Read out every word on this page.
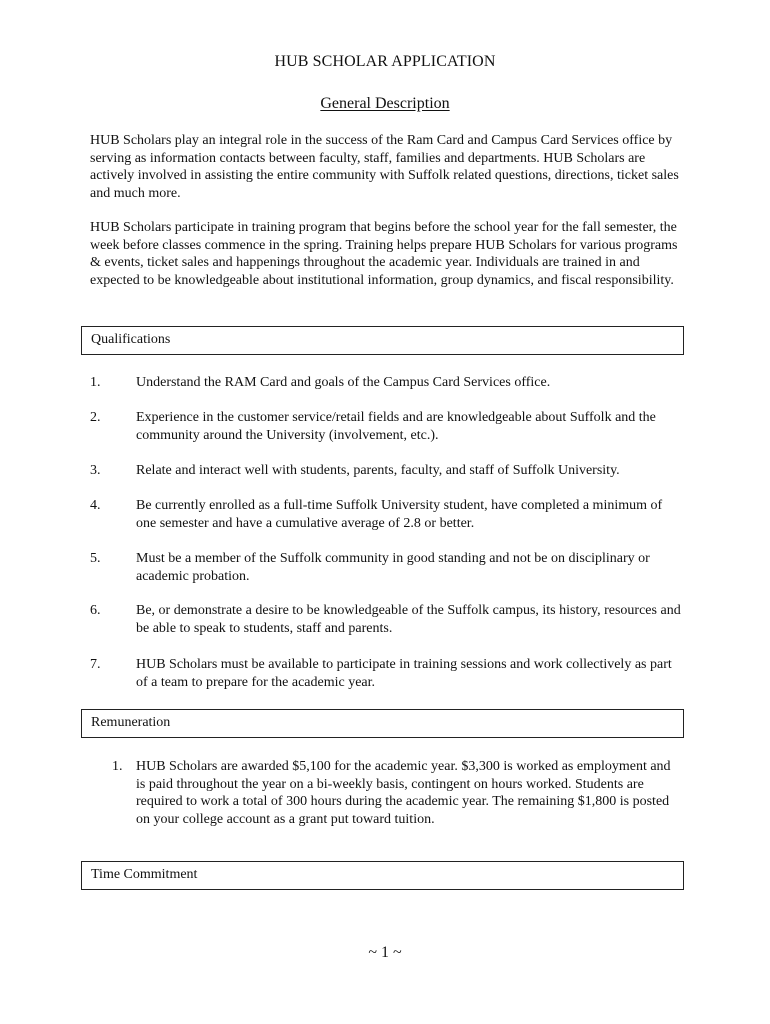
HUB SCHOLAR APPLICATION
General Description

HUB Scholars play an integral role in the success of the Ram Card and Campus Card Services office by serving as information contacts between faculty, staff, families and departments. HUB Scholars are actively involved in assisting the entire community with Suffolk related questions, directions, ticket sales and much more.

HUB Scholars participate in training program that begins before the school year for the fall semester, the week before classes commence in the spring. Training helps prepare HUB Scholars for various programs & events, ticket sales and happenings throughout the academic year. Individuals are trained in and expected to be knowledgeable about institutional information, group dynamics, and fiscal responsibility.

Qualifications
1.	Understand the RAM Card and goals of the Campus Card Services office.
2.	Experience in the customer service/retail fields and are knowledgeable about Suffolk and the community around the University (involvement, etc.).
3.	Relate and interact well with students, parents, faculty, and staff of Suffolk University.
4.	Be currently enrolled as a full-time Suffolk University student, have completed a minimum of one semester and have a cumulative average of 2.8 or better.
5.	Must be a member of the Suffolk community in good standing and not be on disciplinary or academic probation.
6.	Be, or demonstrate a desire to be knowledgeable of the Suffolk campus, its history, resources and be able to speak to students, staff and parents.
7.	HUB Scholars must be available to participate in training sessions and work collectively as part of a team to prepare for the academic year.
Remuneration
1. HUB Scholars are awarded $5,100 for the academic year. $3,300 is worked as employment and is paid throughout the year on a bi-weekly basis, contingent on hours worked. Students are required to work a total of 300 hours during the academic year. The remaining $1,800 is posted on your college account as a grant put toward tuition.
Time Commitment
~ 1 ~
